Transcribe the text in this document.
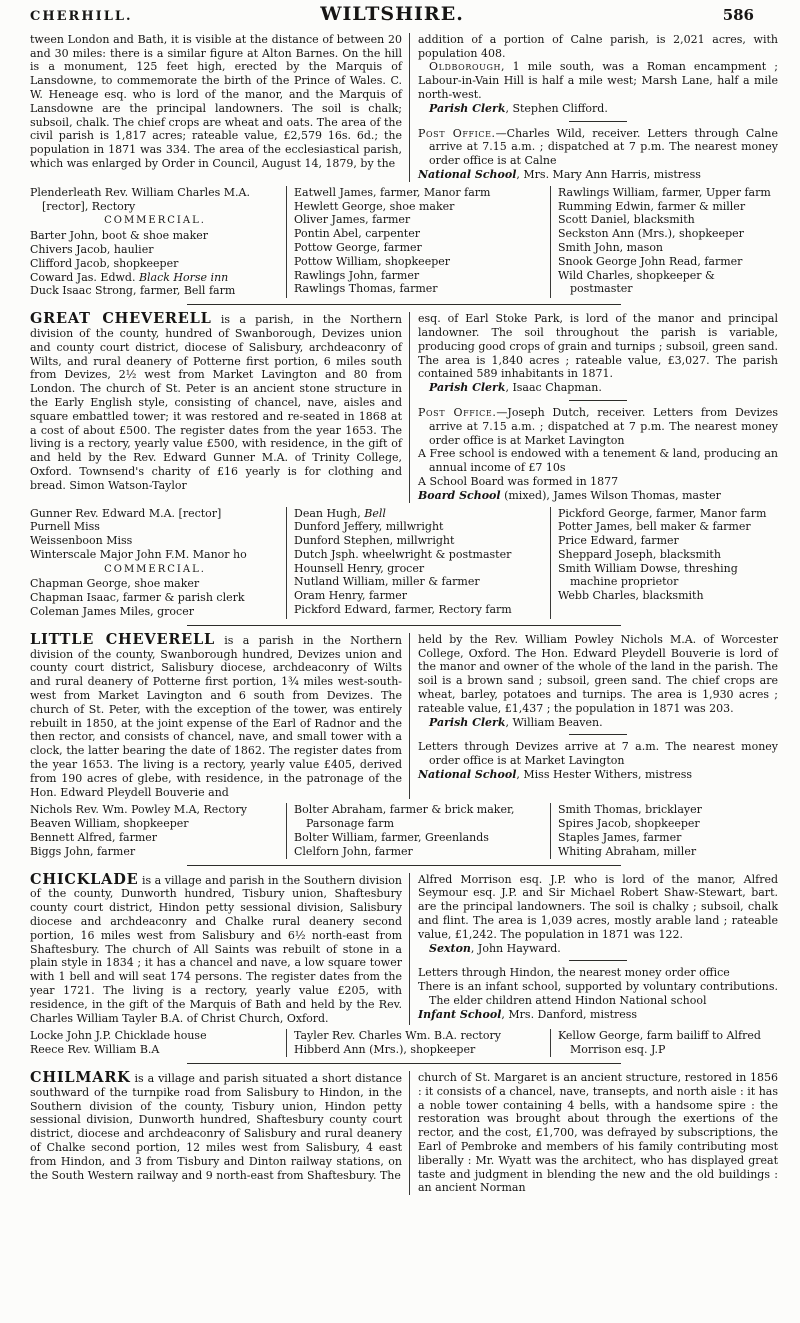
CHERHILL.	WILTSHIRE.	586
tween London and Bath, it is visible at the distance of between 20 and 30 miles: there is a similar figure at Alton Barnes. On the hill is a monument, 125 feet high, erected by the Marquis of Lansdowne, to commemorate the birth of the Prince of Wales. C. W. Heneage esq. who is lord of the manor, and the Marquis of Lansdowne are the principal landowners. The soil is chalk; subsoil, chalk. The chief crops are wheat and oats. The area of the civil parish is 1,817 acres; rateable value, £2,579 16s. 6d.; the population in 1871 was 334. The area of the ecclesiastical parish, which was enlarged by Order in Council, August 14, 1879, by the
addition of a portion of Calne parish, is 2,021 acres, with population 408.
Oldborough, 1 mile south, was a Roman encampment ; Labour-in-Vain Hill is half a mile west; Marsh Lane, half a mile north-west.
Parish Clerk, Stephen Clifford.
Post Office.—Charles Wild, receiver. Letters through Calne arrive at 7.15 a.m. ; dispatched at 7 p.m. The nearest money order office is at Calne
National School, Mrs. Mary Ann Harris, mistress
Plenderleath Rev. William Charles M.A. [rector], Rectory
COMMERCIAL.
Barter John, boot & shoe maker
Chivers Jacob, haulier
Clifford Jacob, shopkeeper
Coward Jas. Edwd. Black Horse inn
Duck Isaac Strong, farmer, Bell farm
Eatwell James, farmer, Manor farm
Hewlett George, shoe maker
Oliver James, farmer
Pontin Abel, carpenter
Pottow George, farmer
Pottow William, shopkeeper
Rawlings John, farmer
Rawlings Thomas, farmer
Rawlings William, farmer, Upper farm
Rumming Edwin, farmer & miller
Scott Daniel, blacksmith
Seckston Ann (Mrs.), shopkeeper
Smith John, mason
Snook George John Read, farmer
Wild Charles, shopkeeper & postmaster
GREAT CHEVERELL is a parish, in the Northern division of the county, hundred of Swanborough, Devizes union and county court district, diocese of Salisbury, archdeaconry of Wilts, and rural deanery of Potterne first portion, 6 miles south from Devizes, 2½ west from Market Lavington and 80 from London. The church of St. Peter is an ancient stone structure in the Early English style, consisting of chancel, nave, aisles and square embattled tower; it was restored and re-seated in 1868 at a cost of about £500. The register dates from the year 1653. The living is a rectory, yearly value £500, with residence, in the gift of and held by the Rev. Edward Gunner M.A. of Trinity College, Oxford. Townsend's charity of £16 yearly is for clothing and bread. Simon Watson-Taylor
esq. of Earl Stoke Park, is lord of the manor and principal landowner. The soil throughout the parish is variable, producing good crops of grain and turnips ; subsoil, green sand. The area is 1,840 acres ; rateable value, £3,027. The parish contained 589 inhabitants in 1871.
Parish Clerk, Isaac Chapman.
Post Office.—Joseph Dutch, receiver. Letters from Devizes arrive at 7.15 a.m. ; dispatched at 7 p.m. The nearest money order office is at Market Lavington
A Free school is endowed with a tenement & land, producing an annual income of £7 10s
A School Board was formed in 1877
Board School (mixed), James Wilson Thomas, master
Gunner Rev. Edward M.A. [rector]
Purnell Miss
Weissenboon Miss
Winterscale Major John F.M. Manor ho
COMMERCIAL.
Chapman George, shoe maker
Chapman Isaac, farmer & parish clerk
Coleman James Miles, grocer
Dean Hugh, Bell
Dunford Jeffery, millwright
Dunford Stephen, millwright
Dutch Jsph. wheelwright & postmaster
Hounsell Henry, grocer
Nutland William, miller & farmer
Oram Henry, farmer
Pickford Edward, farmer, Rectory farm
Pickford George, farmer, Manor farm
Potter James, bell maker & farmer
Price Edward, farmer
Sheppard Joseph, blacksmith
Smith William Dowse, threshing machine proprietor
Webb Charles, blacksmith
LITTLE CHEVERELL is a parish in the Northern division of the county, Swanborough hundred, Devizes union and county court district, Salisbury diocese, archdeaconry of Wilts and rural deanery of Potterne first portion, 1¾ miles west-south-west from Market Lavington and 6 south from Devizes. The church of St. Peter, with the exception of the tower, was entirely rebuilt in 1850, at the joint expense of the Earl of Radnor and the then rector, and consists of chancel, nave, and small tower with a clock, the latter bearing the date of 1862. The register dates from the year 1653. The living is a rectory, yearly value £405, derived from 190 acres of glebe, with residence, in the patronage of the Hon. Edward Pleydell Bouverie and
held by the Rev. William Powley Nichols M.A. of Worcester College, Oxford. The Hon. Edward Pleydell Bouverie is lord of the manor and owner of the whole of the land in the parish. The soil is a brown sand ; subsoil, green sand. The chief crops are wheat, barley, potatoes and turnips. The area is 1,930 acres ; rateable value, £1,437 ; the population in 1871 was 203.
Parish Clerk, William Beaven.
Letters through Devizes arrive at 7 a.m. The nearest money order office is at Market Lavington
National School, Miss Hester Withers, mistress
Nichols Rev. Wm. Powley M.A, Rectory
Beaven William, shopkeeper
Bennett Alfred, farmer
Biggs John, farmer
Bolter Abraham, farmer & brick maker, Parsonage farm
Bolter William, farmer, Greenlands
Clelforn John, farmer
Smith Thomas, bricklayer
Spires Jacob, shopkeeper
Staples James, farmer
Whiting Abraham, miller
CHICKLADE is a village and parish in the Southern division of the county, Dunworth hundred, Tisbury union, Shaftesbury county court district, Hindon petty sessional division, Salisbury diocese and archdeaconry and Chalke rural deanery second portion, 16 miles west from Salisbury and 6½ north-east from Shaftesbury. The church of All Saints was rebuilt of stone in a plain style in 1834 ; it has a chancel and nave, a low square tower with 1 bell and will seat 174 persons. The register dates from the year 1721. The living is a rectory, yearly value £205, with residence, in the gift of the Marquis of Bath and held by the Rev. Charles William Tayler B.A. of Christ Church, Oxford.
Alfred Morrison esq. J.P. who is lord of the manor, Alfred Seymour esq. J.P. and Sir Michael Robert Shaw-Stewart, bart. are the principal landowners. The soil is chalky ; subsoil, chalk and flint. The area is 1,039 acres, mostly arable land ; rateable value, £1,242. The population in 1871 was 122.
Sexton, John Hayward.
Letters through Hindon, the nearest money order office
There is an infant school, supported by voluntary contributions. The elder children attend Hindon National school
Infant School, Mrs. Danford, mistress
Locke John J.P. Chicklade house
Reece Rev. William B.A
Tayler Rev. Charles Wm. B.A. rectory
Hibberd Ann (Mrs.), shopkeeper
Kellow George, farm bailiff to Alfred Morrison esq. J.P
CHILMARK is a village and parish situated a short distance southward of the turnpike road from Salisbury to Hindon, in the Southern division of the county, Tisbury union, Hindon petty sessional division, Dunworth hundred, Shaftesbury county court district, diocese and archdeaconry of Salisbury and rural deanery of Chalke second portion, 12 miles west from Salisbury, 4 east from Hindon, and 3 from Tisbury and Dinton railway stations, on the South Western railway and 9 north-east from Shaftesbury. The
church of St. Margaret is an ancient structure, restored in 1856 : it consists of a chancel, nave, transepts, and north aisle : it has a noble tower containing 4 bells, with a handsome spire : the restoration was brought about through the exertions of the rector, and the cost, £1,700, was defrayed by subscriptions, the Earl of Pembroke and members of his family contributing most liberally : Mr. Wyatt was the architect, who has displayed great taste and judgment in blending the new and the old buildings : an ancient Norman
